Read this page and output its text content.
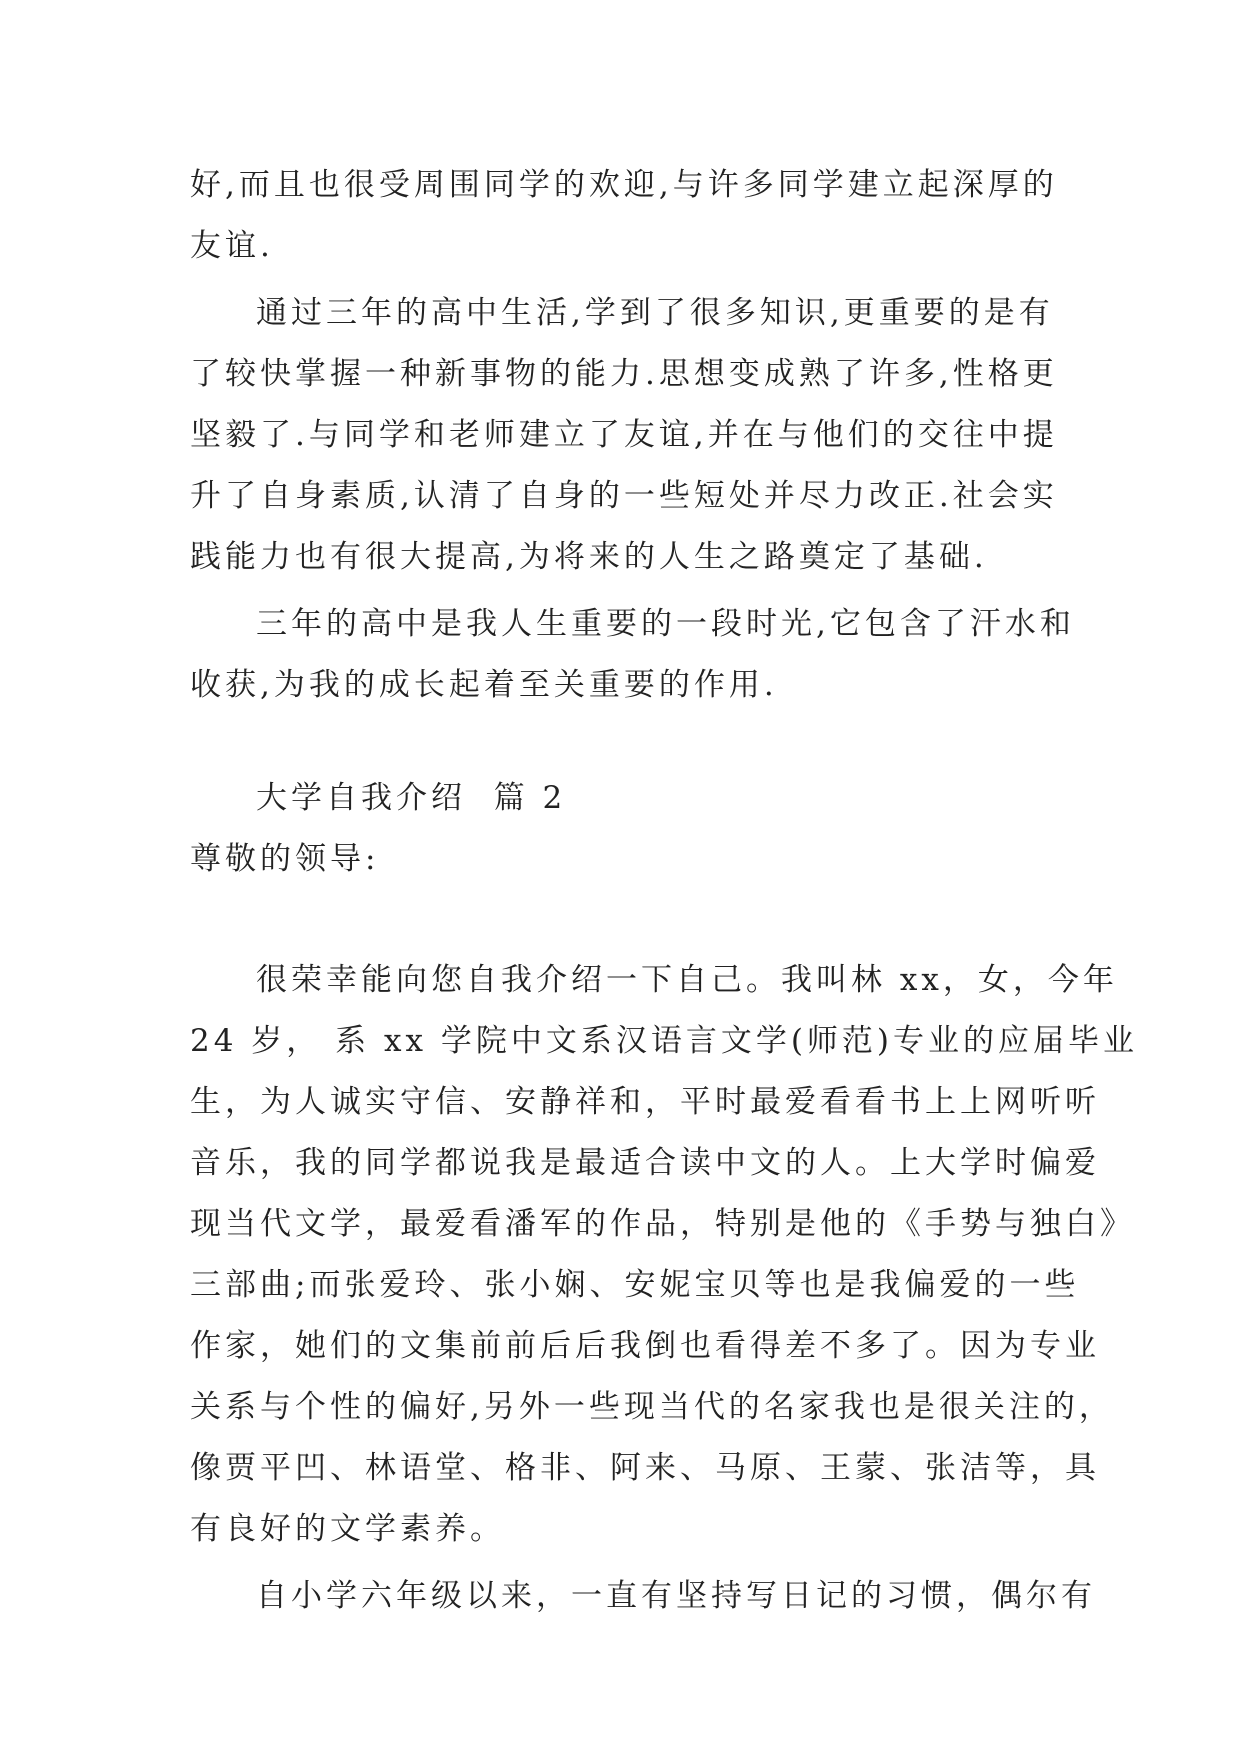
好,而且也很受周围同学的欢迎,与许多同学建立起深厚的
友谊.
通过三年的高中生活,学到了很多知识,更重要的是有
了较快掌握一种新事物的能力.思想变成熟了许多,性格更
坚毅了.与同学和老师建立了友谊,并在与他们的交往中提
升了自身素质,认清了自身的一些短处并尽力改正.社会实
践能力也有很大提高,为将来的人生之路奠定了基础.
三年的高中是我人生重要的一段时光,它包含了汗水和
收获,为我的成长起着至关重要的作用.
大学自我介绍  篇 2
尊敬的领导:
很荣幸能向您自我介绍一下自己。我叫林 xx，女，今年
24 岁， 系 xx 学院中文系汉语言文学(师范)专业的应届毕业
生，为人诚实守信、安静祥和，平时最爱看看书上上网听听
音乐，我的同学都说我是最适合读中文的人。上大学时偏爱
现当代文学，最爱看潘军的作品，特别是他的《手势与独白》
三部曲;而张爱玲、张小娴、安妮宝贝等也是我偏爱的一些
作家，她们的文集前前后后我倒也看得差不多了。因为专业
关系与个性的偏好,另外一些现当代的名家我也是很关注的，
像贾平凹、林语堂、格非、阿来、马原、王蒙、张洁等，具
有良好的文学素养。
自小学六年级以来，一直有坚持写日记的习惯，偶尔有
